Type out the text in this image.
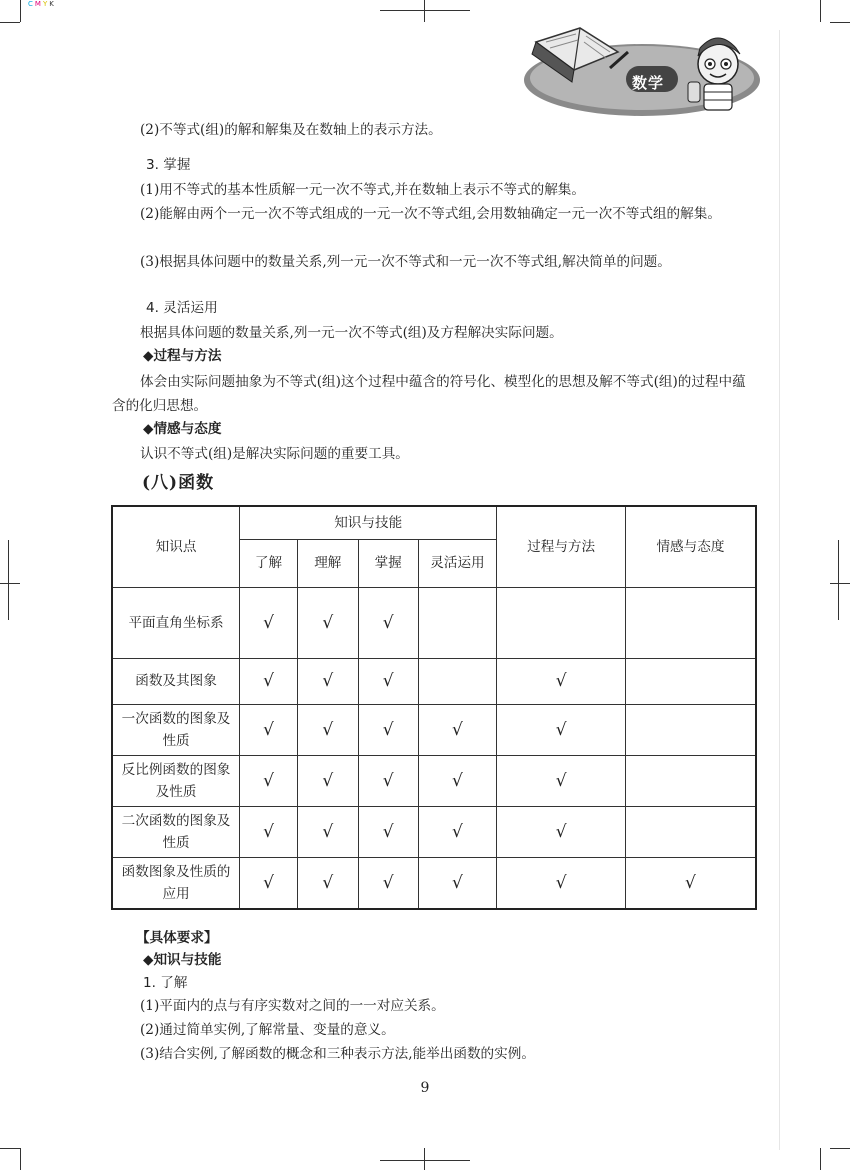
CMYK
数学

(2)不等式(组)的解和解集及在数轴上的表示方法。

3. 掌握

(1)用不等式的基本性质解一元一次不等式,并在数轴上表示不等式的解集。

(2)能解由两个一元一次不等式组成的一元一次不等式组,会用数轴确定一元一次不等式组的解集。

(3)根据具体问题中的数量关系,列一元一次不等式和一元一次不等式组,解决简单的问题。

4. 灵活运用

根据具体问题的数量关系,列一元一次不等式(组)及方程解决实际问题。

◆过程与方法

体会由实际问题抽象为不等式(组)这个过程中蕴含的符号化、模型化的思想及解不等式(组)的过程中蕴含的化归思想。

◆情感与态度

认识不等式(组)是解决实际问题的重要工具。

(八)函数
知识点	知识与技能				过程与方法	情感与态度
	了解	理解	掌握	灵活运用		
平面直角坐标系	√	√	√			
函数及其图象	√	√	√		√	
一次函数的图象及性质	√	√	√	√	√	
反比例函数的图象及性质	√	√	√	√	√	
二次函数的图象及性质	√	√	√	√	√	
函数图象及性质的应用	√	√	√	√	√	√
【具体要求】
◆知识与技能
1. 了解

(1)平面内的点与有序实数对之间的一一对应关系。

(2)通过简单实例,了解常量、变量的意义。

(3)结合实例,了解函数的概念和三种表示方法,能举出函数的实例。

9
